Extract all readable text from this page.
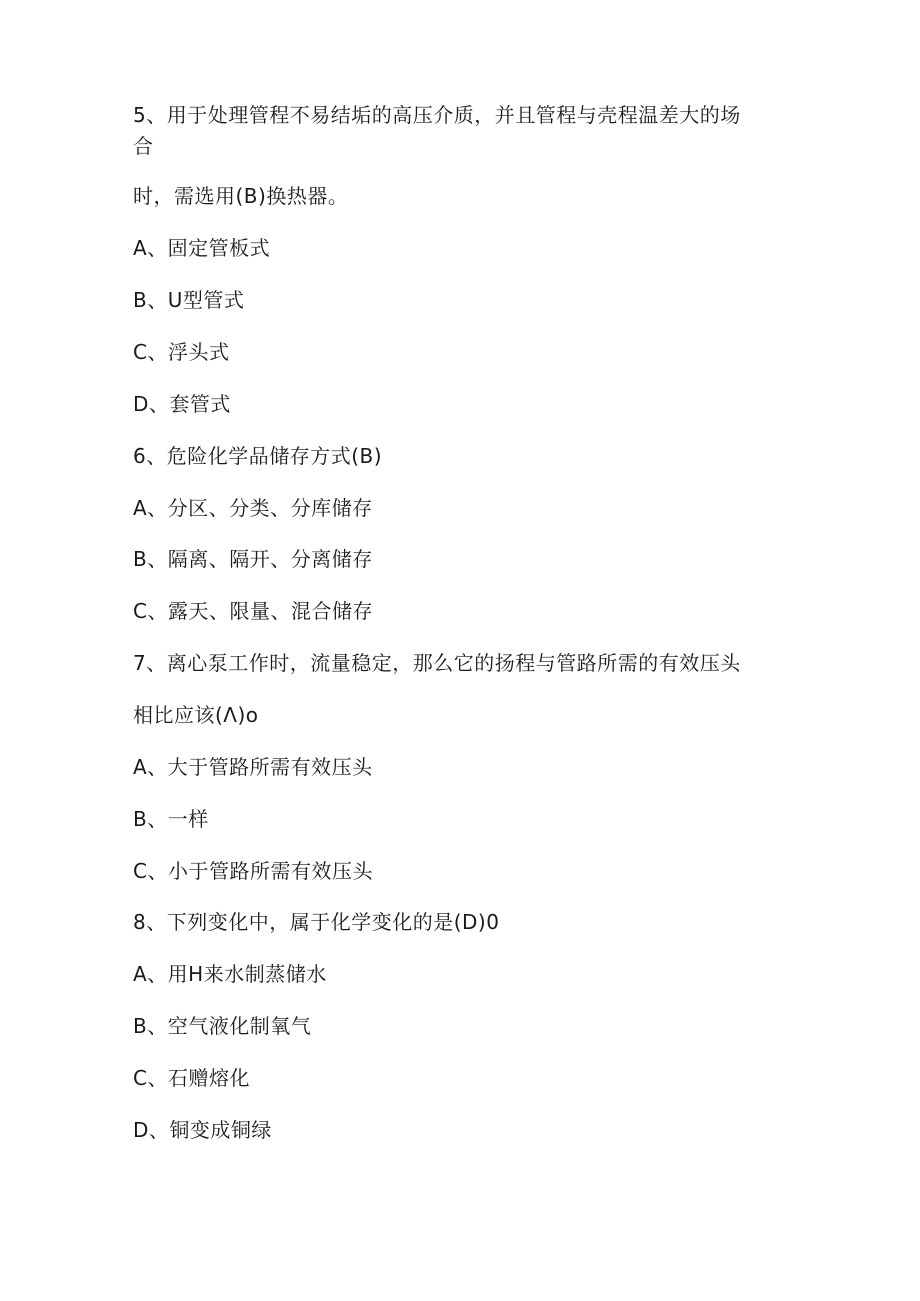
5、用于处理管程不易结垢的高压介质，并且管程与壳程温差大的场
合
时，需选用(B)换热器。
A、固定管板式
B、U型管式
C、浮头式
D、套管式
6、危险化学品储存方式(B)
A、分区、分类、分库储存
B、隔离、隔开、分离储存
C、露天、限量、混合储存
7、离心泵工作时，流量稳定，那么它的扬程与管路所需的有效压头
相比应该(Λ)o
A、大于管路所需有效压头
B、一样
C、小于管路所需有效压头
8、下列变化中，属于化学变化的是(D)0
A、用H来水制蒸储水
B、空气液化制氧气
C、石赠熔化
D、铜变成铜绿
